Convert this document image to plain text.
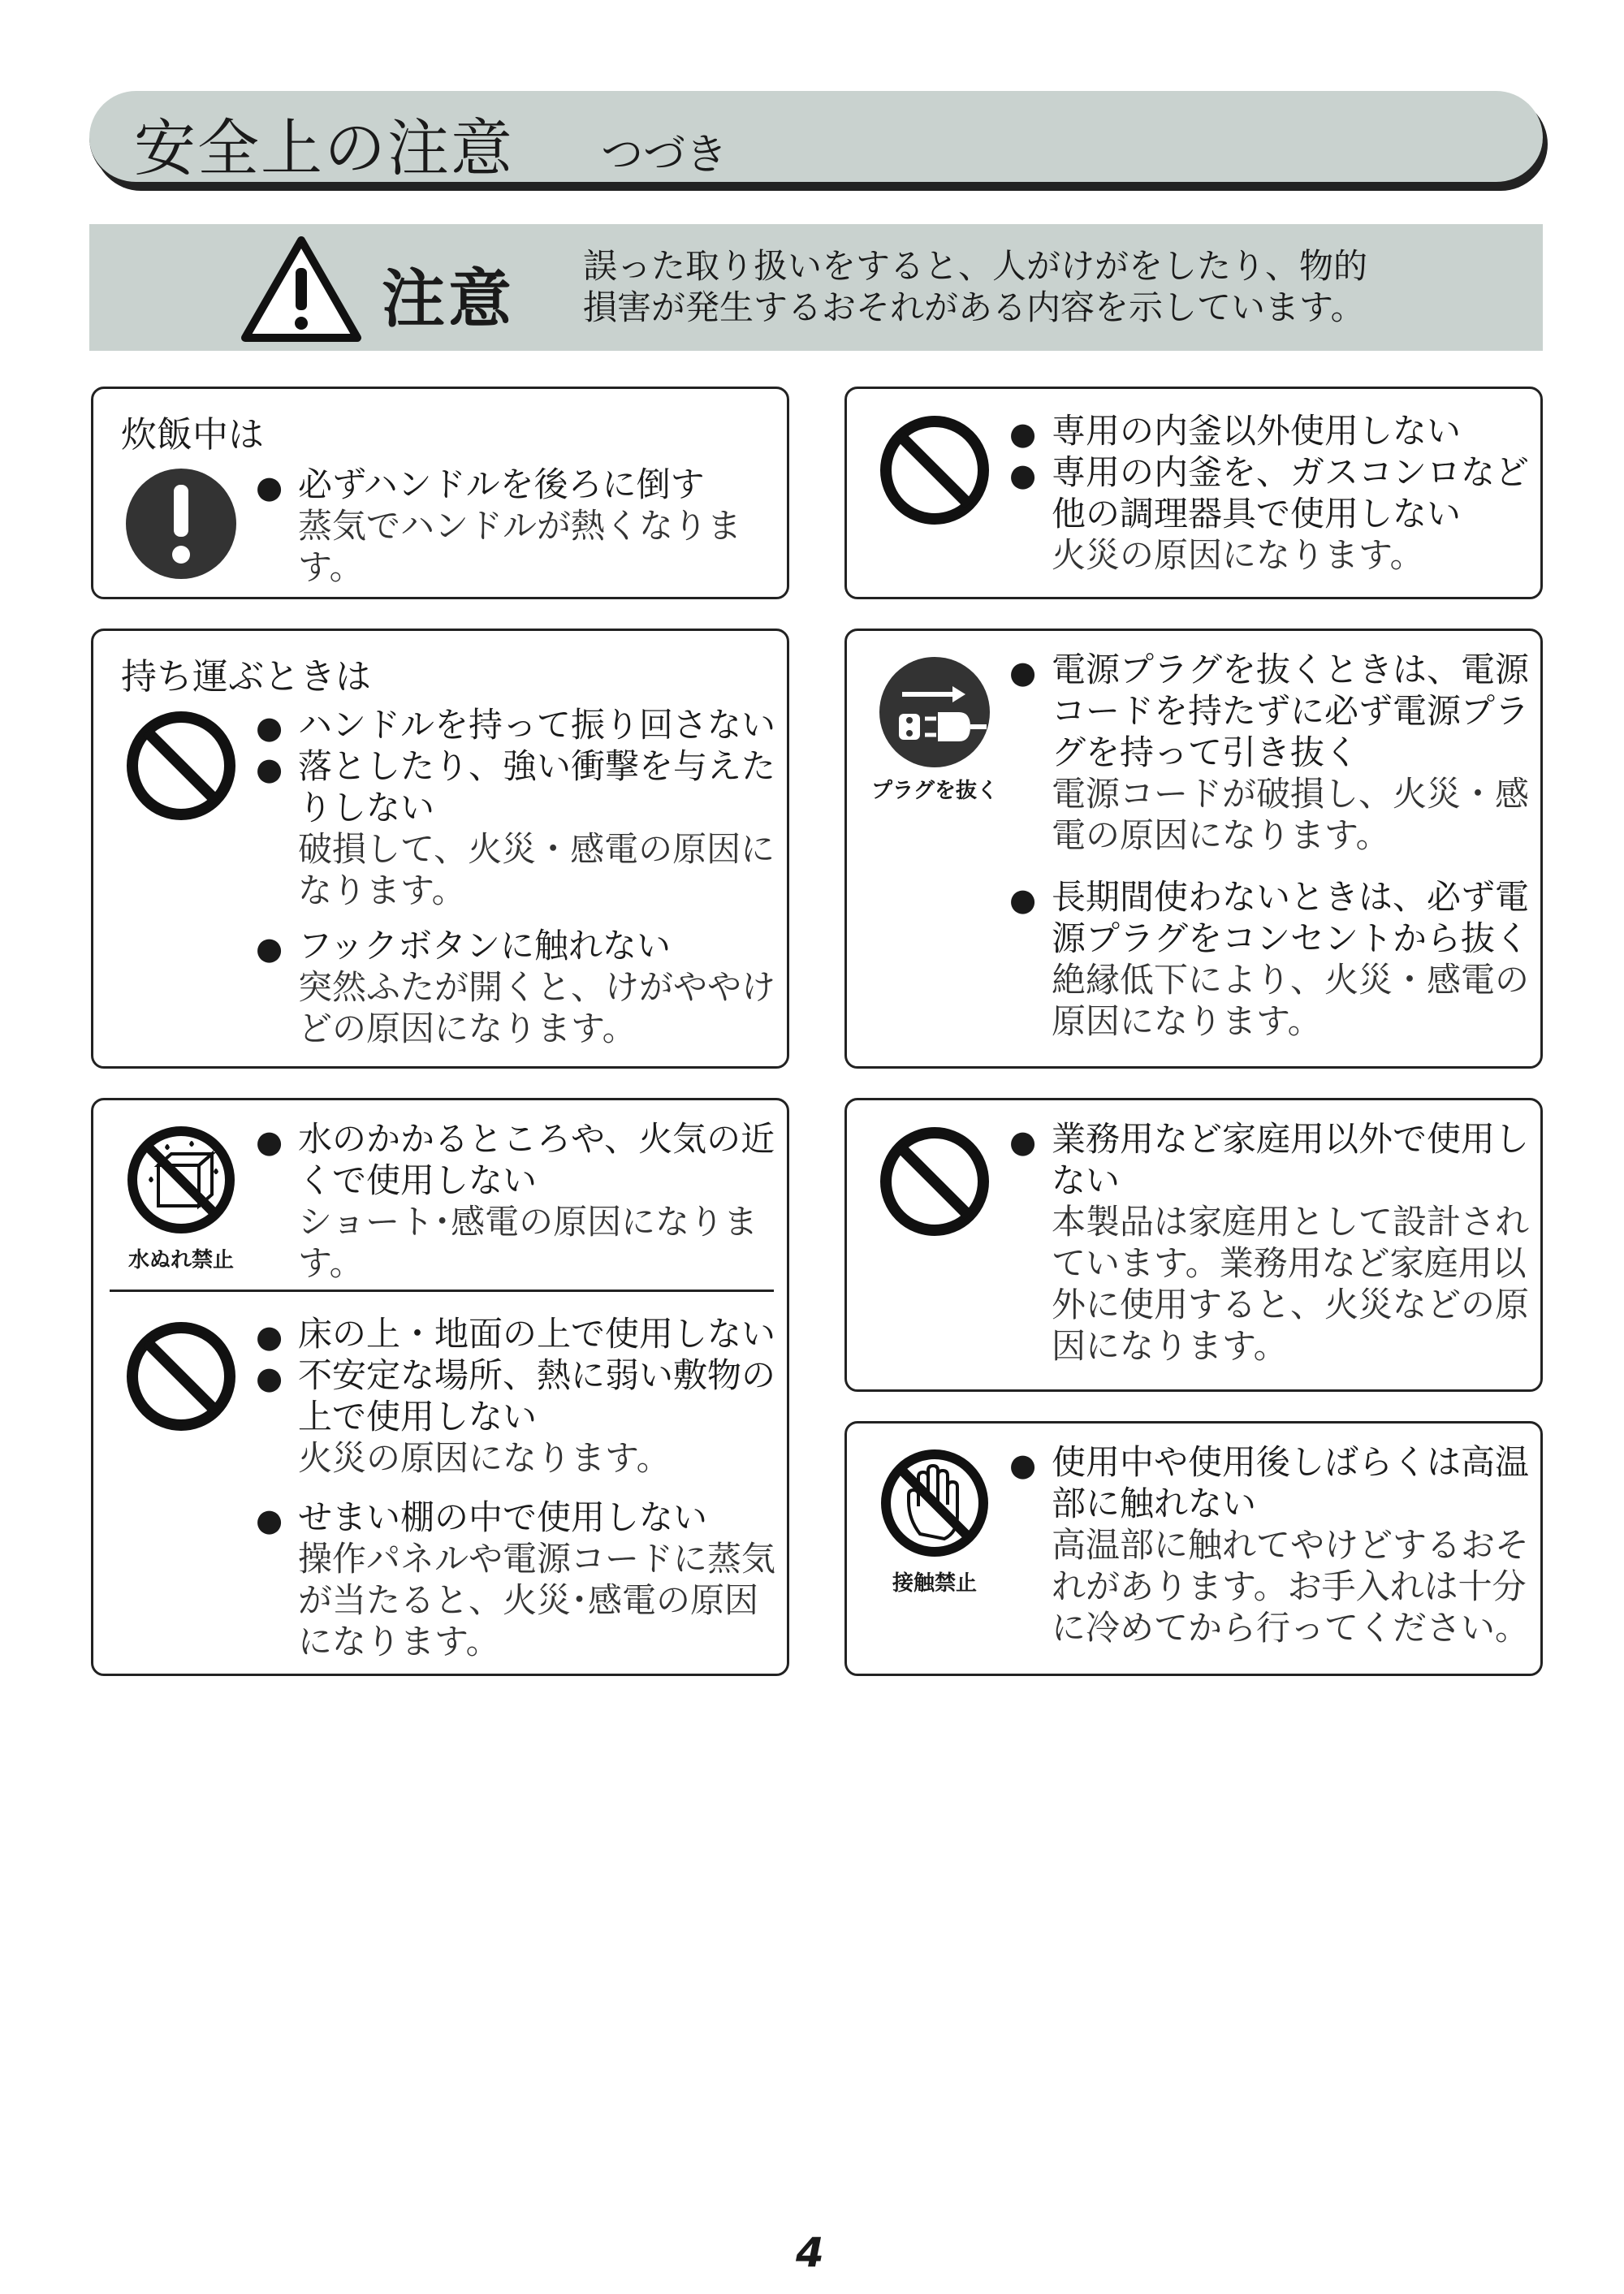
安全上の注意 つづき
注意 誤った取り扱いをすると、人がけがをしたり、物的
損害が発生するおそれがある内容を示しています。
炊飯中は
● 必ずハンドルを後ろに倒す
蒸気でハンドルが熱くなります。
持ち運ぶときは
● ハンドルを持って振り回さない
● 落としたり、強い衝撃を与えた
りしない
破損して、火災・感電の原因に
なります。
● フックボタンに触れない
突然ふたが開くと、けがややけ
どの原因になります。
水ぬれ禁止
● 水のかかるところや、火気の近
くで使用しない
ショート･感電の原因になります。
● 床の上・地面の上で使用しない
● 不安定な場所、熱に弱い敷物の
上で使用しない
火災の原因になります。
● せまい棚の中で使用しない
操作パネルや電源コードに蒸気
が当たると、火災･感電の原因
になります。
● 専用の内釜以外使用しない
● 専用の内釜を、ガスコンロなど
他の調理器具で使用しない
火災の原因になります。
プラグを抜く
● 電源プラグを抜くときは、電源
コードを持たずに必ず電源プラ
グを持って引き抜く
電源コードが破損し、火災・感
電の原因になります。
● 長期間使わないときは、必ず電
源プラグをコンセントから抜く
絶縁低下により、火災・感電の
原因になります。
● 業務用など家庭用以外で使用し
ない
本製品は家庭用として設計され
ています。業務用など家庭用以
外に使用すると、火災などの原
因になります。
接触禁止
● 使用中や使用後しばらくは高温
部に触れない
高温部に触れてやけどするおそ
れがあります。お手入れは十分
に冷めてから行ってください。
4
